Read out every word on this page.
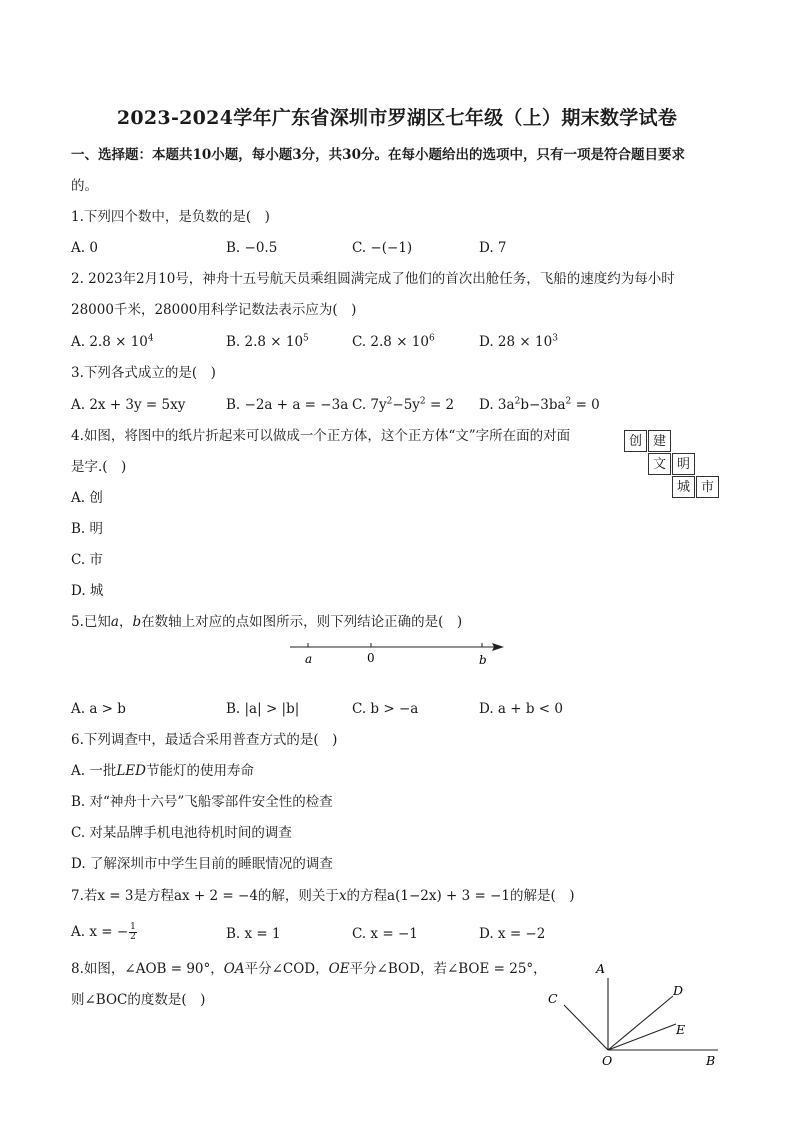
2023-2024学年广东省深圳市罗湖区七年级（上）期末数学试卷
一、选择题：本题共10小题，每小题3分，共30分。在每小题给出的选项中，只有一项是符合题目要求
的。
1.下列四个数中，是负数的是(　)
A. 0	B. −0.5	C. −(−1)	D. 7
2. 2023年2月10号，神舟十五号航天员乘组圆满完成了他们的首次出舱任务，飞船的速度约为每小时
28000千米，28000用科学记数法表示应为(　)
A. $2.8 \times 10^4$	B. $2.8 \times 10^5$	C. $2.8 \times 10^6$	D. $28 \times 10^3$
3.下列各式成立的是(　)
A. 2x + 3y = 5xy	B. −2a + a = −3a C. $7y^2-5y^2 = 2$ D. $3a^2b-3ba^2 = 0$
4.如图，将图中的纸片折起来可以做成一个正方体，这个正方体“文”字所在面的对面
是字.(　)
A. 创
B. 明
C. 市
D. 城
创 建
文 明
城 市
5.已知a，b在数轴上对应的点如图所示，则下列结论正确的是(　)
a	0	b
A. a > b	B. |a| > |b|	C. b > −a	D. a + b < 0
6.下列调查中，最适合采用普查方式的是(　)
A. 一批LED节能灯的使用寿命
B. 对“神舟十六号”飞船零部件安全性的检查
C. 对某品牌手机电池待机时间的调查
D. 了解深圳市中学生目前的睡眠情况的调查
7.若x = 3是方程ax + 2 = −4的解，则关于x的方程a(1−2x) + 3 = −1的解是(　)
A. x = − $\frac{1}{2}$	B. x = 1	C. x = −1	D. x = −2
8.如图，∠AOB = 90°，OA平分∠COD，OE平分∠BOD，若∠BOE = 25°，
则∠BOC的度数是(　)
A
C
D
E
O	B
